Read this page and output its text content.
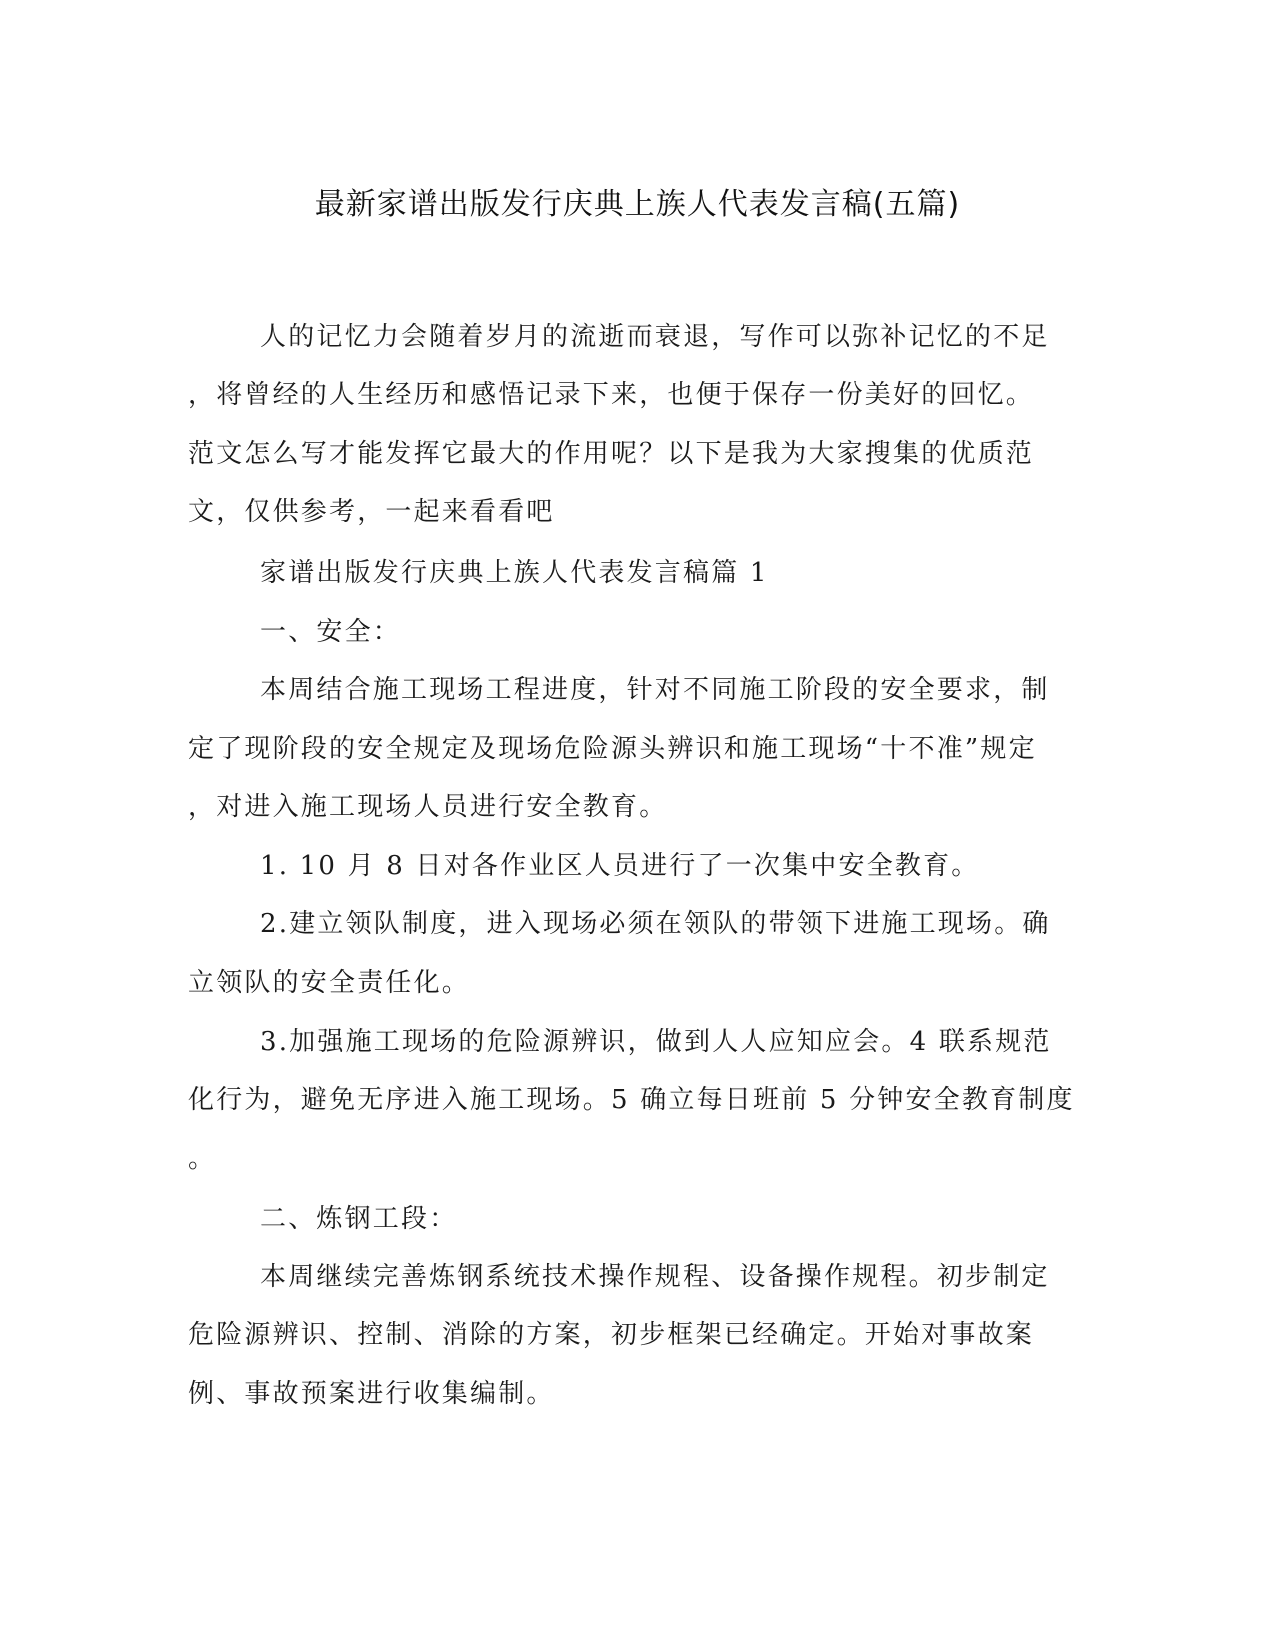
最新家谱出版发行庆典上族人代表发言稿(五篇)

人的记忆力会随着岁月的流逝而衰退，写作可以弥补记忆的不足

，将曾经的人生经历和感悟记录下来，也便于保存一份美好的回忆。

范文怎么写才能发挥它最大的作用呢？以下是我为大家搜集的优质范

文，仅供参考，一起来看看吧

家谱出版发行庆典上族人代表发言稿篇 1

一、安全：

本周结合施工现场工程进度，针对不同施工阶段的安全要求，制

定了现阶段的安全规定及现场危险源头辨识和施工现场“十不准”规定

，对进入施工现场人员进行安全教育。

1. 10 月 8 日对各作业区人员进行了一次集中安全教育。

2.建立领队制度，进入现场必须在领队的带领下进施工现场。确

立领队的安全责任化。

3.加强施工现场的危险源辨识，做到人人应知应会。4 联系规范

化行为，避免无序进入施工现场。5 确立每日班前 5 分钟安全教育制度

。

二、炼钢工段：

本周继续完善炼钢系统技术操作规程、设备操作规程。初步制定

危险源辨识、控制、消除的方案，初步框架已经确定。开始对事故案

例、事故预案进行收集编制。
